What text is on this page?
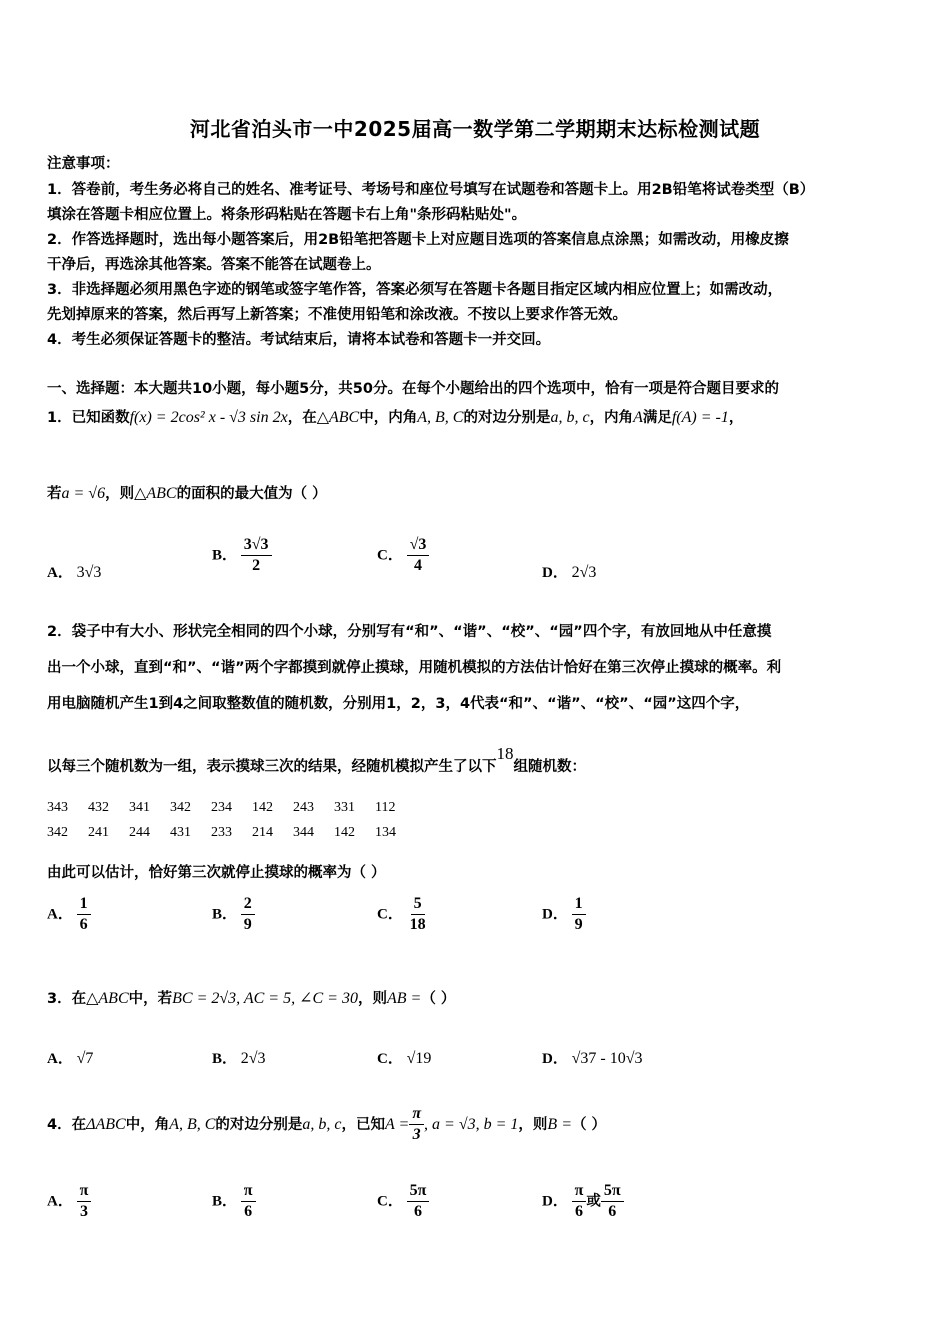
河北省泊头市一中2025届高一数学第二学期期末达标检测试题
注意事项：
1．答卷前，考生务必将自己的姓名、准考证号、考场号和座位号填写在试题卷和答题卡上。用2B铅笔将试卷类型（B）
填涂在答题卡相应位置上。将条形码粘贴在答题卡右上角"条形码粘贴处"。
2．作答选择题时，选出每小题答案后，用2B铅笔把答题卡上对应题目选项的答案信息点涂黑；如需改动，用橡皮擦
干净后，再选涂其他答案。答案不能答在试题卷上。
3．非选择题必须用黑色字迹的钢笔或签字笔作答，答案必须写在答题卡各题目指定区域内相应位置上；如需改动，
先划掉原来的答案，然后再写上新答案；不准使用铅笔和涂改液。不按以上要求作答无效。
4．考生必须保证答题卡的整洁。考试结束后，请将本试卷和答题卡一并交回。
一、选择题：本大题共10小题，每小题5分，共50分。在每个小题给出的四个选项中，恰有一项是符合题目要求的
1．已知函数f(x) = 2cos² x - √3 sin 2x，在△ABC中，内角A, B, C的对边分别是a, b, c，内角A满足f(A) = -1，
若a = √6，则△ABC的面积的最大值为（ ）
A． 3√3
B． $\frac{3√3}{2}$	C． $\frac{√3}{4}$	D． 2√3
2．袋子中有大小、形状完全相同的四个小球，分别写有“和”、“谐”、“校”、“园”四个字，有放回地从中任意摸
出一个小球，直到“和”、“谐”两个字都摸到就停止摸球，用随机模拟的方法估计恰好在第三次停止摸球的概率。利
用电脑随机产生1到4之间取整数值的随机数，分别用1，2，3，4代表“和”、“谐”、“校”、“园”这四个字，
以每三个随机数为一组，表示摸球三次的结果，经随机模拟产生了以下18组随机数：
343 432 341 342 234 142 243 331 112
342 241 244 431 233 214 344 142 134
由此可以估计，恰好第三次就停止摸球的概率为（ ）
A． $\frac{1}{6}$	B． $\frac{2}{9}$	C． $\frac{5}{18}$	D． $\frac{1}{9}$
3．在△ABC中，若BC = 2√3, AC = 5, ∠C = 30，则AB =（ ）
A． √7	B． 2√3	C． √19	D． √37 - 10√3
4．在ΔABC中，角A, B, C的对边分别是a, b, c，已知$A = \frac{\pi}{3}$ , a = √3, b = 1，则B =（ ）
A． $\frac{\pi}{3}$	B． $\frac{\pi}{6}$	C． $\frac{5\pi}{6}$	D． $\frac{\pi}{6}$ 或 $\frac{5\pi}{6}$
